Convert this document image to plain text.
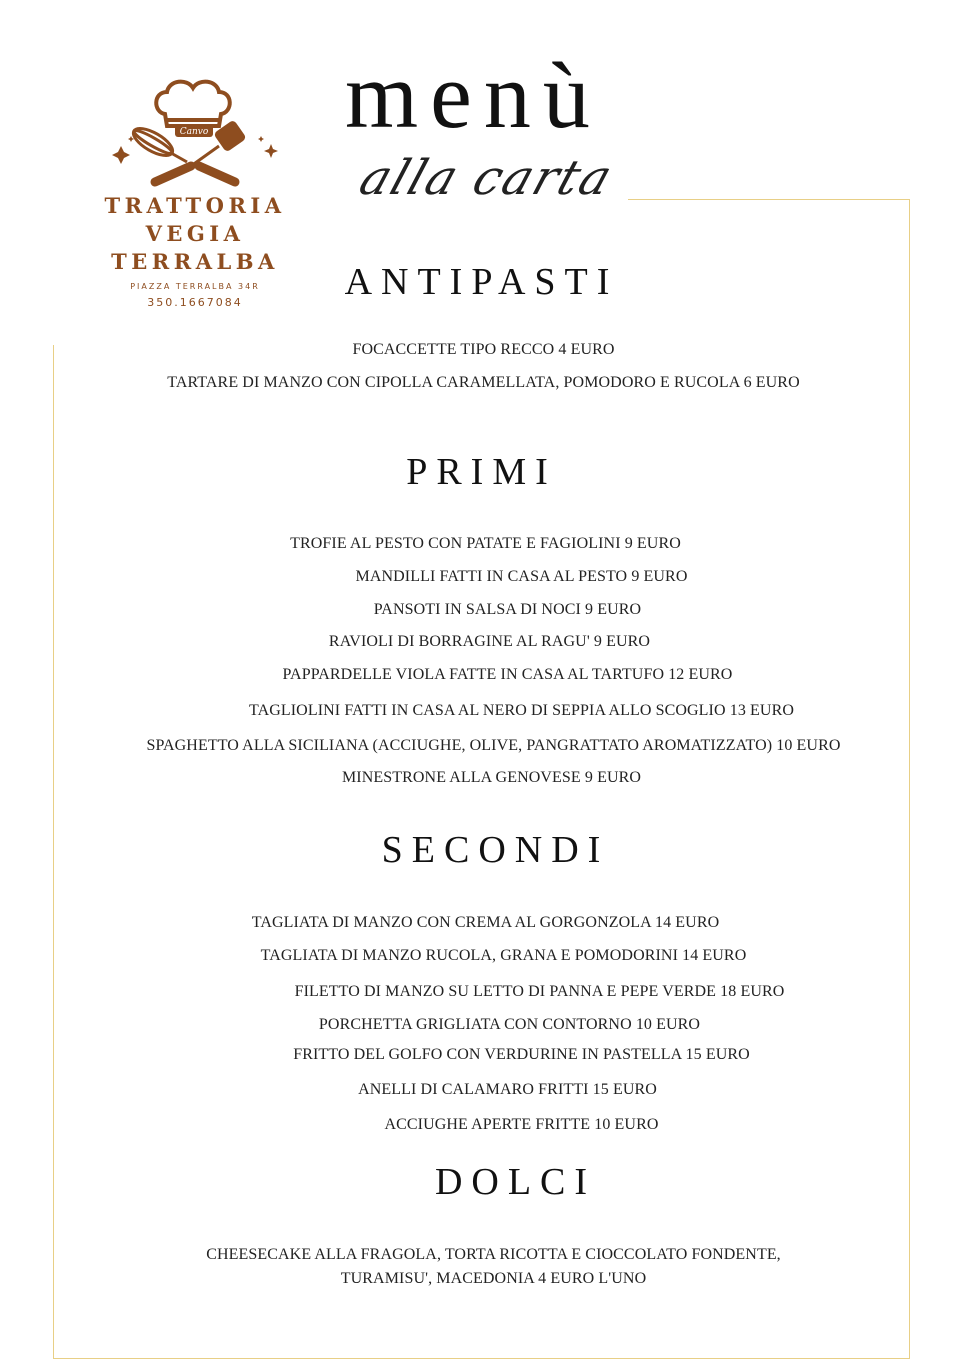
Canvo
TRATTORIA
VEGIA
TERRALBA
PIAZZA TERRALBA 34R
350.1667084
menù
alla carta
ANTIPASTI
FOCACCETTE TIPO RECCO 4 EURO
TARTARE DI MANZO CON CIPOLLA CARAMELLATA, POMODORO E RUCOLA 6 EURO
PRIMI
TROFIE AL PESTO CON PATATE E FAGIOLINI 9 EURO
MANDILLI FATTI IN CASA AL PESTO 9 EURO
PANSOTI IN SALSA DI NOCI 9 EURO
RAVIOLI DI BORRAGINE AL RAGU' 9 EURO
PAPPARDELLE VIOLA FATTE IN CASA AL TARTUFO 12 EURO
TAGLIOLINI FATTI IN CASA AL NERO DI SEPPIA ALLO SCOGLIO 13 EURO
SPAGHETTO ALLA SICILIANA (ACCIUGHE, OLIVE, PANGRATTATO AROMATIZZATO) 10 EURO
MINESTRONE ALLA GENOVESE 9 EURO
SECONDI
TAGLIATA DI MANZO CON CREMA AL GORGONZOLA 14 EURO
TAGLIATA DI MANZO RUCOLA, GRANA E POMODORINI 14 EURO
FILETTO DI MANZO SU LETTO DI PANNA E PEPE VERDE 18 EURO
PORCHETTA GRIGLIATA CON CONTORNO 10 EURO
FRITTO DEL GOLFO CON VERDURINE IN PASTELLA 15 EURO
ANELLI DI CALAMARO FRITTI 15 EURO
ACCIUGHE APERTE FRITTE 10 EURO
DOLCI
CHEESECAKE ALLA FRAGOLA, TORTA RICOTTA E CIOCCOLATO FONDENTE,
TURAMISU', MACEDONIA 4 EURO L'UNO
